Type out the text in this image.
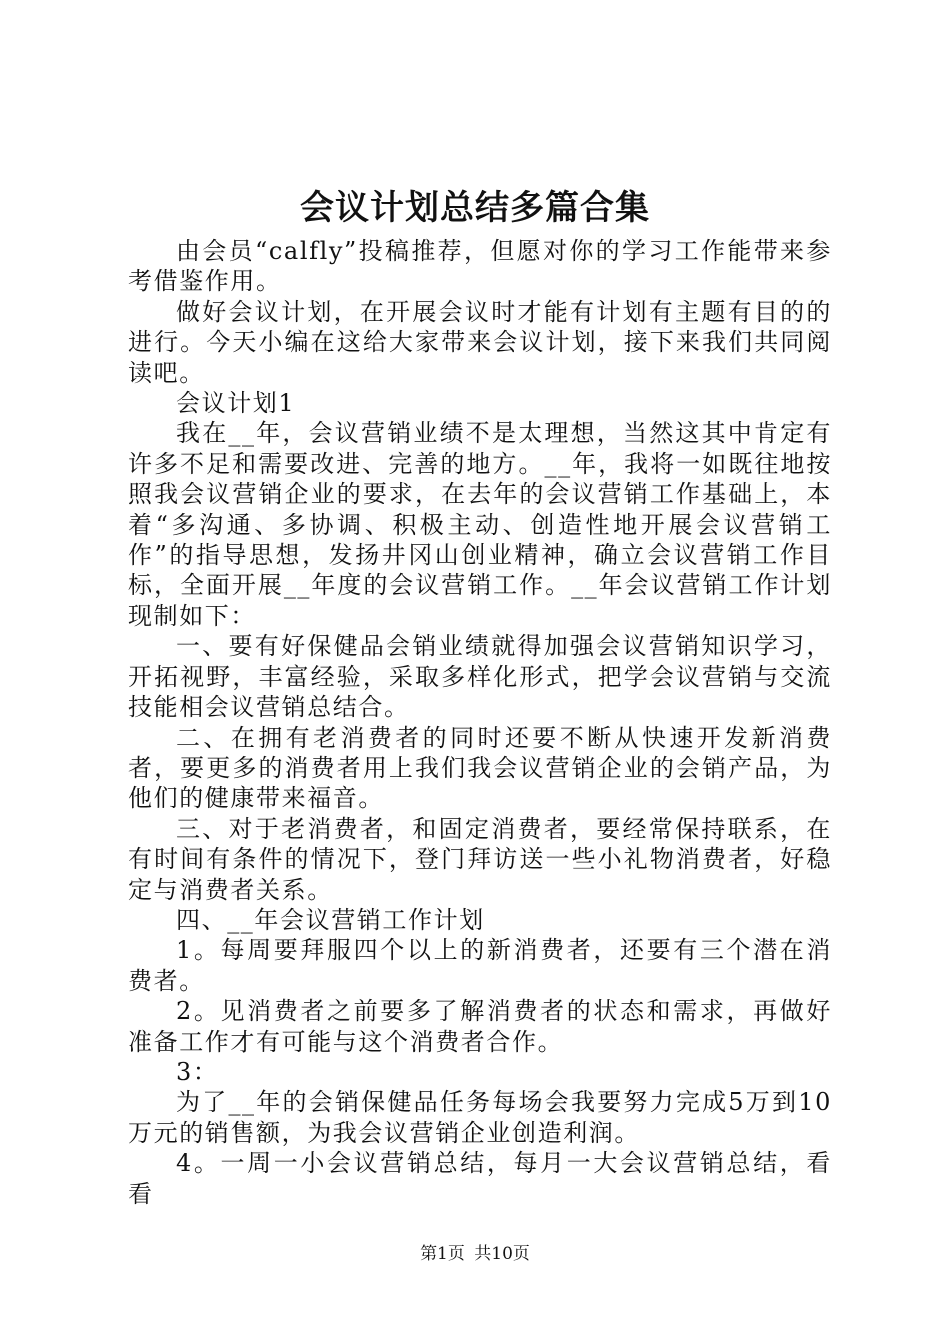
会议计划总结多篇合集

由会员“calfly”投稿推荐，但愿对你的学习工作能带来参考借鉴作用。

做好会议计划，在开展会议时才能有计划有主题有目的的进行。今天小编在这给大家带来会议计划，接下来我们共同阅读吧。

会议计划1

我在__年，会议营销业绩不是太理想，当然这其中肯定有许多不足和需要改进、完善的地方。__年，我将一如既往地按照我会议营销企业的要求，在去年的会议营销工作基础上，本着“多沟通、多协调、积极主动、创造性地开展会议营销工作”的指导思想，发扬井冈山创业精神，确立会议营销工作目标，全面开展__年度的会议营销工作。__年会议营销工作计划现制如下：

一、要有好保健品会销业绩就得加强会议营销知识学习，开拓视野，丰富经验，采取多样化形式，把学会议营销与交流技能相会议营销总结合。

二、在拥有老消费者的同时还要不断从快速开发新消费者，要更多的消费者用上我们我会议营销企业的会销产品，为他们的健康带来福音。

三、对于老消费者，和固定消费者，要经常保持联系，在有时间有条件的情况下，登门拜访送一些小礼物消费者，好稳定与消费者关系。

四、__年会议营销工作计划

1。每周要拜服四个以上的新消费者，还要有三个潜在消费者。

2。见消费者之前要多了解消费者的状态和需求，再做好准备工作才有可能与这个消费者合作。

3：

为了__年的会销保健品任务每场会我要努力完成5万到10万元的销售额，为我会议营销企业创造利润。

4。一周一小会议营销总结，每月一大会议营销总结，看看

第1页 共10页
